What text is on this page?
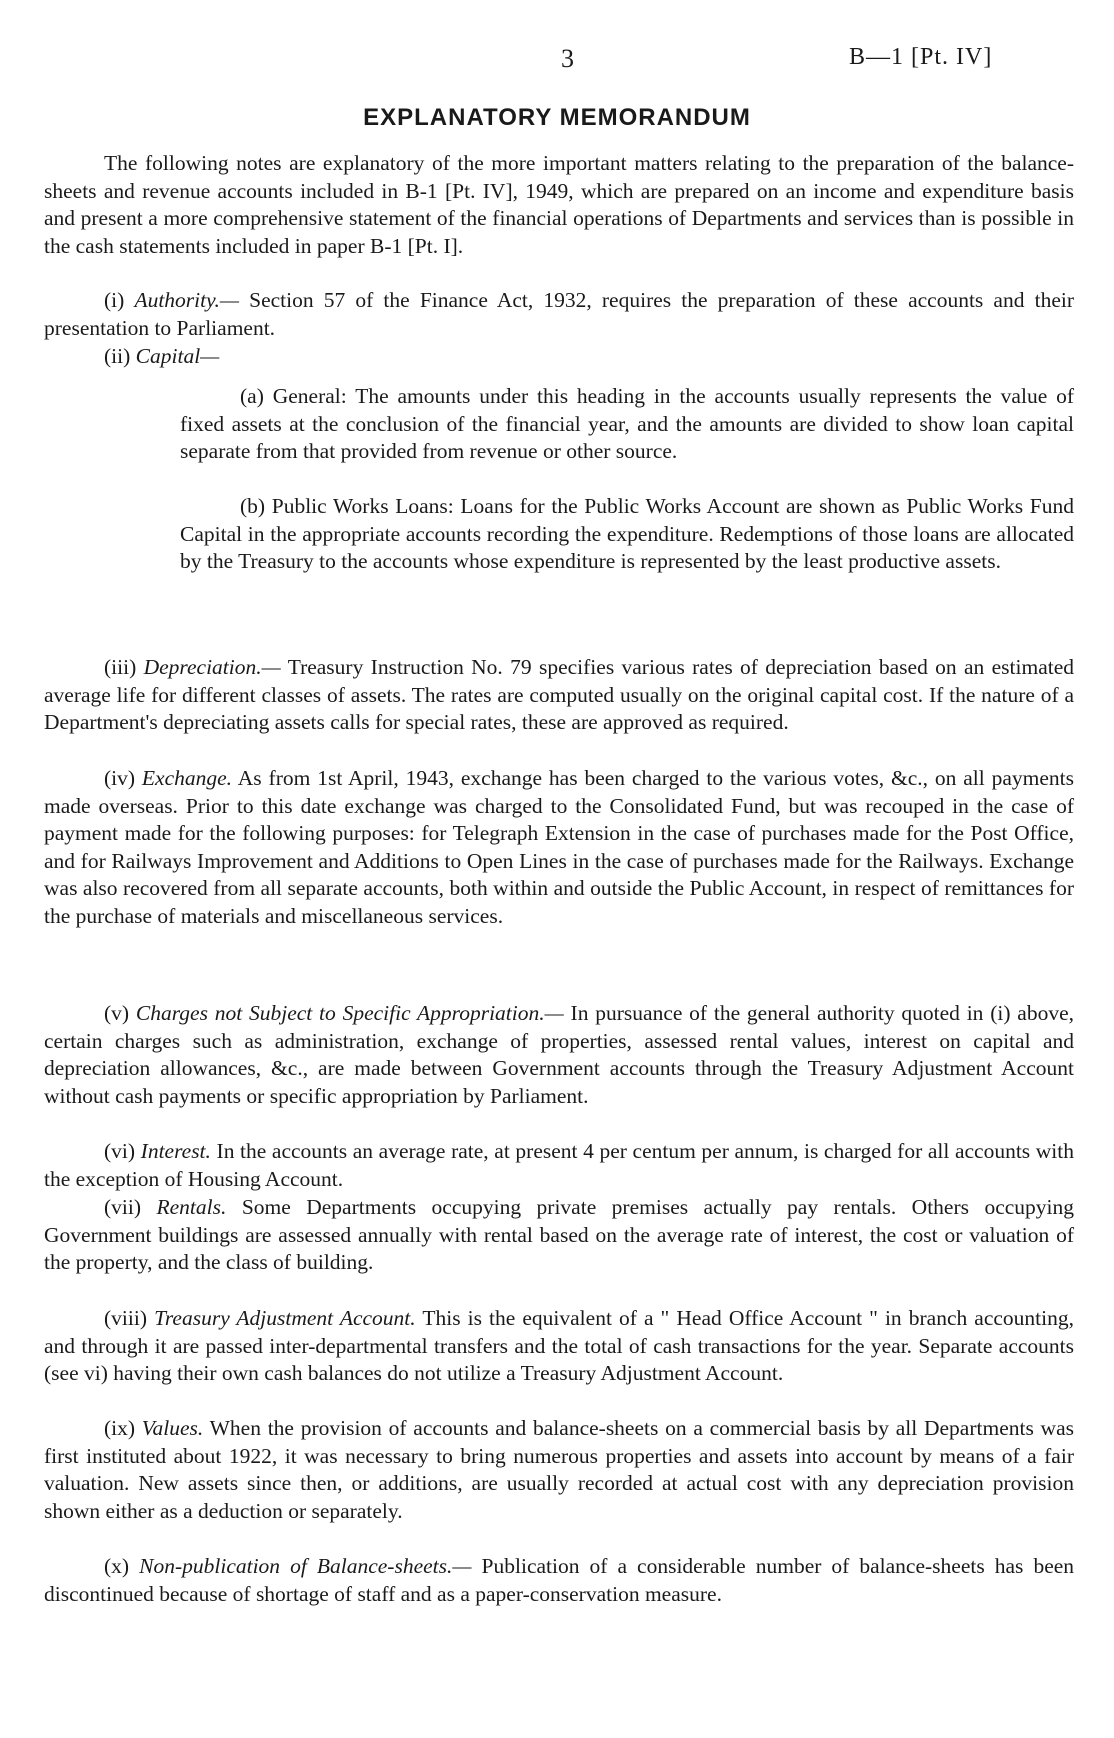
3	B—1 [Pt. IV]
EXPLANATORY MEMORANDUM

The following notes are explanatory of the more important matters relating to the preparation of the balance-sheets and revenue accounts included in B-1 [Pt. IV], 1949, which are prepared on an income and expenditure basis and present a more comprehensive statement of the financial operations of Departments and services than is possible in the cash statements included in paper B-1 [Pt. I].

(i) Authority.— Section 57 of the Finance Act, 1932, requires the preparation of these accounts and their presentation to Parliament.

(ii) Capital—

(a) General: The amounts under this heading in the accounts usually represents the value of fixed assets at the conclusion of the financial year, and the amounts are divided to show loan capital separate from that provided from revenue or other source.

(b) Public Works Loans: Loans for the Public Works Account are shown as Public Works Fund Capital in the appropriate accounts recording the expenditure. Redemptions of those loans are allocated by the Treasury to the accounts whose expenditure is represented by the least productive assets.

(iii) Depreciation.— Treasury Instruction No. 79 specifies various rates of depreciation based on an estimated average life for different classes of assets. The rates are computed usually on the original capital cost. If the nature of a Department's depreciating assets calls for special rates, these are approved as required.

(iv) Exchange. As from 1st April, 1943, exchange has been charged to the various votes, &c., on all payments made overseas. Prior to this date exchange was charged to the Consolidated Fund, but was recouped in the case of payment made for the following purposes: for Telegraph Extension in the case of purchases made for the Post Office, and for Railways Improvement and Additions to Open Lines in the case of purchases made for the Railways. Exchange was also recovered from all separate accounts, both within and outside the Public Account, in respect of remittances for the purchase of materials and miscellaneous services.

(v) Charges not Subject to Specific Appropriation.— In pursuance of the general authority quoted in (i) above, certain charges such as administration, exchange of properties, assessed rental values, interest on capital and depreciation allowances, &c., are made between Government accounts through the Treasury Adjustment Account without cash payments or specific appropriation by Parliament.

(vi) Interest. In the accounts an average rate, at present 4 per centum per annum, is charged for all accounts with the exception of Housing Account.

(vii) Rentals. Some Departments occupying private premises actually pay rentals. Others occupying Government buildings are assessed annually with rental based on the average rate of interest, the cost or valuation of the property, and the class of building.

(viii) Treasury Adjustment Account. This is the equivalent of a " Head Office Account " in branch accounting, and through it are passed inter-departmental transfers and the total of cash transactions for the year. Separate accounts (see vi) having their own cash balances do not utilize a Treasury Adjustment Account.

(ix) Values. When the provision of accounts and balance-sheets on a commercial basis by all Departments was first instituted about 1922, it was necessary to bring numerous properties and assets into account by means of a fair valuation. New assets since then, or additions, are usually recorded at actual cost with any depreciation provision shown either as a deduction or separately.

(x) Non-publication of Balance-sheets.— Publication of a considerable number of balance-sheets has been discontinued because of shortage of staff and as a paper-conservation measure.
